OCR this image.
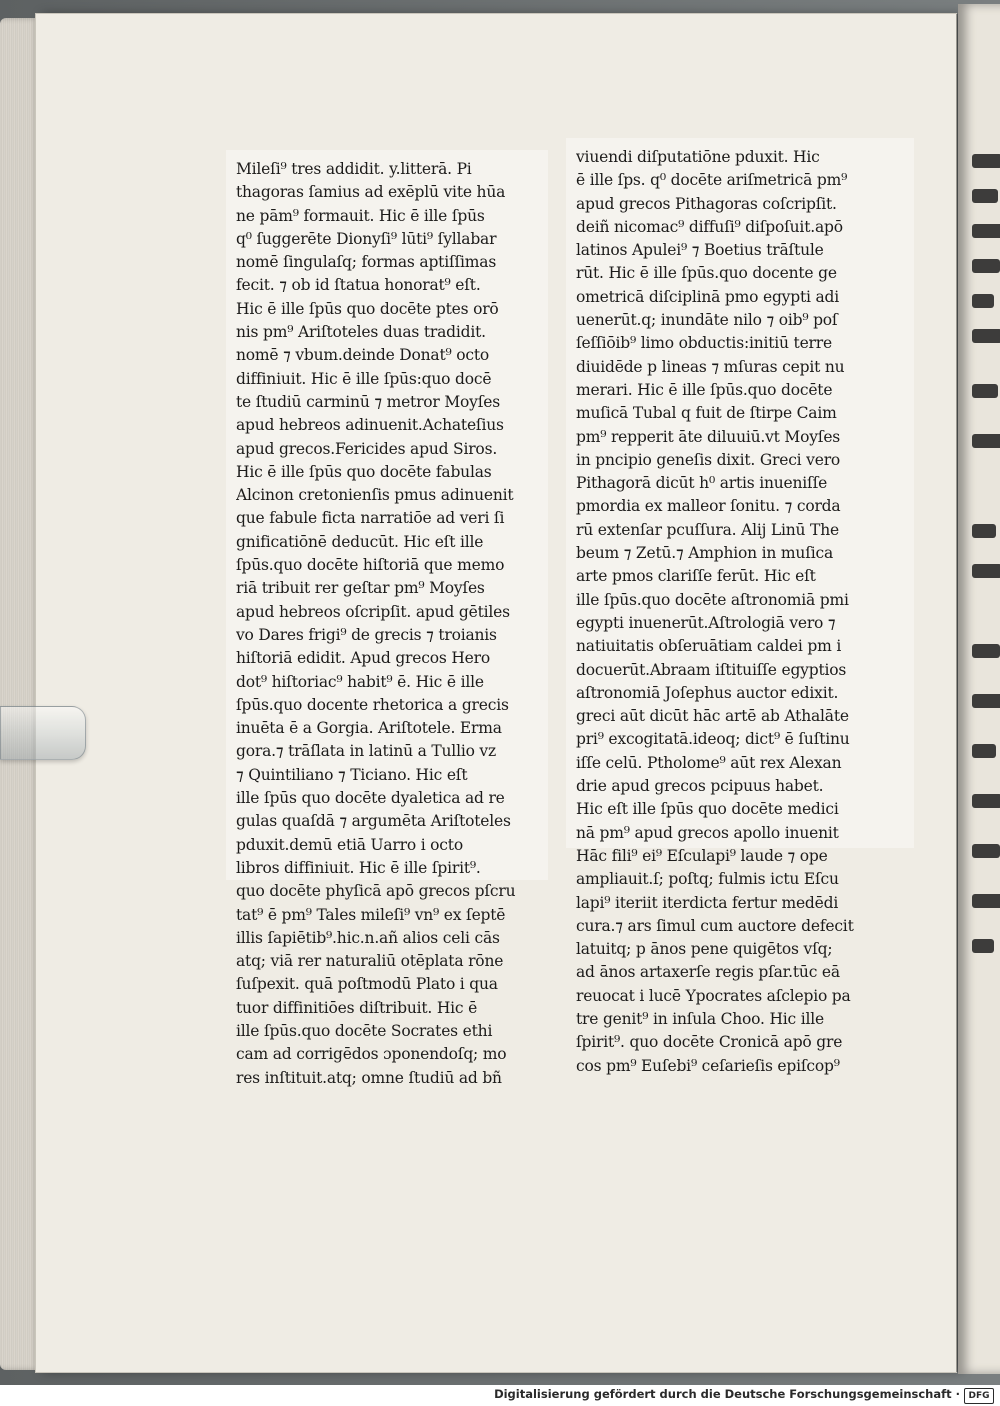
Mileſi⁹ tres addidit. y.litterā. Pi
thagoras ſamius ad exēplū vite hūa
ne pām⁹ formauit. Hic ē ille ſpūs
q⁰ ſuggerēte Dionyſi⁹ lūti⁹ ſyllabar
nomē ſingulaſq; formas aptiſſimas
fecit. ⁊ ob id ſtatua honorat⁹ eſt.
Hic ē ille ſpūs quo docēte ptes orō
nis pm⁹ Ariſtoteles duas tradidit.
nomē ⁊ vbum.deinde Donat⁹ octo
diffiniuit. Hic ē ille ſpūs:quo docē
te ſtudiū carminū ⁊ metror Moyſes
apud hebreos adinuenit.Achateſius
apud grecos.Fericides apud Siros.
Hic ē ille ſpūs quo docēte fabulas
Alcinon cretonienſis pmus adinuenit
que fabule ficta narratiōe ad veri ſi
gnificatiōnē deducūt. Hic eſt ille
ſpūs.quo docēte hiſtoriā que memo
riā tribuit rer geſtar pm⁹ Moyſes
apud hebreos oſcripſit. apud gētiles
vo Dares frigi⁹ de grecis ⁊ troianis
hiſtoriā edidit. Apud grecos Hero
dot⁹ hiſtoriac⁹ habit⁹ ē. Hic ē ille
ſpūs.quo docente rhetorica a grecis
inuēta ē a Gorgia. Ariſtotele. Erma
gora.⁊ trāſlata in latinū a Tullio vz
⁊ Quintiliano ⁊ Ticiano. Hic eſt
ille ſpūs quo docēte dyaletica ad re
gulas quaſdā ⁊ argumēta Ariſtoteles
pduxit.demū etiā Uarro i octo
libros diffiniuit. Hic ē ille ſpirit⁹.
quo docēte phyſicā apō grecos pſcru
tat⁹ ē pm⁹ Tales mileſi⁹ vn⁹ ex ſeptē
illis ſapiētib⁹.hic.n.añ alios celi cās
atq; viā rer naturaliū otēplata rōne
ſuſpexit. quā poſtmodū Plato i qua
tuor diffinitiōes diſtribuit. Hic ē
ille ſpūs.quo docēte Socrates ethi
cam ad corrigēdos ɔponendoſq; mo
res inſtituit.atq; omne ſtudiū ad bñ
viuendi diſputatiōne pduxit. Hic
ē ille ſps. q⁰ docēte ariſmetricā pm⁹
apud grecos Pithagoras coſcripſit.
deiñ nicomac⁹ diffuſi⁹ diſpoſuit.apō
latinos Apulei⁹ ⁊ Boetius trāſtule
rūt. Hic ē ille ſpūs.quo docente ge
ometricā diſciplinā pmo egypti adi
uenerūt.q; inundāte nilo ⁊ oib⁹ poſ
ſeſſiōib⁹ limo obductis:initiū terre
diuidēde p lineas ⁊ mſuras cepit nu
merari. Hic ē ille ſpūs.quo docēte
muſicā Tubal q fuit de ſtirpe Caim
pm⁹ repperit āte diluuiū.vt Moyſes
in pncipio geneſis dixit. Greci vero
Pithagorā dicūt h⁰ artis inueniſſe
pmordia ex malleor ſonitu. ⁊ corda
rū extenſar pcuſſura. Alij Linū The
beum ⁊ Zetū.⁊ Amphion in muſica
arte pmos clariſſe ferūt. Hic eſt
ille ſpūs.quo docēte aſtronomiā pmi
egypti inuenerūt.Aſtrologiā vero ⁊
natiuitatis obſeruātiam caldei pm i
docuerūt.Abraam iſtituiſſe egyptios
aſtronomiā Joſephus auctor edixit.
greci aūt dicūt hāc artē ab Athalāte
pri⁹ excogitatā.ideoq; dict⁹ ē ſuſtinu
iſſe celū. Ptholome⁹ aūt rex Alexan
drie apud grecos pcipuus habet.
Hic eſt ille ſpūs quo docēte medici
nā pm⁹ apud grecos apollo inuenit
Hāc fili⁹ ei⁹ Eſculapi⁹ laude ⁊ ope
ampliauit.ſ; poſtq; fulmis ictu Eſcu
lapi⁹ iteriit iterdicta fertur medēdi
cura.⁊ ars ſimul cum auctore defecit
latuitq; p ānos pene quigētos vſq;
ad ānos artaxerſe regis pſar.tūc eā
reuocat i lucē Ypocrates aſclepio pa
tre genit⁹ in inſula Choo. Hic ille
ſpirit⁹. quo docēte Cronicā apō gre
cos pm⁹ Euſebi⁹ ceſarieſis epiſcop⁹
Digitalisierung gefördert durch die Deutsche Forschungsgemeinschaft · DFG
